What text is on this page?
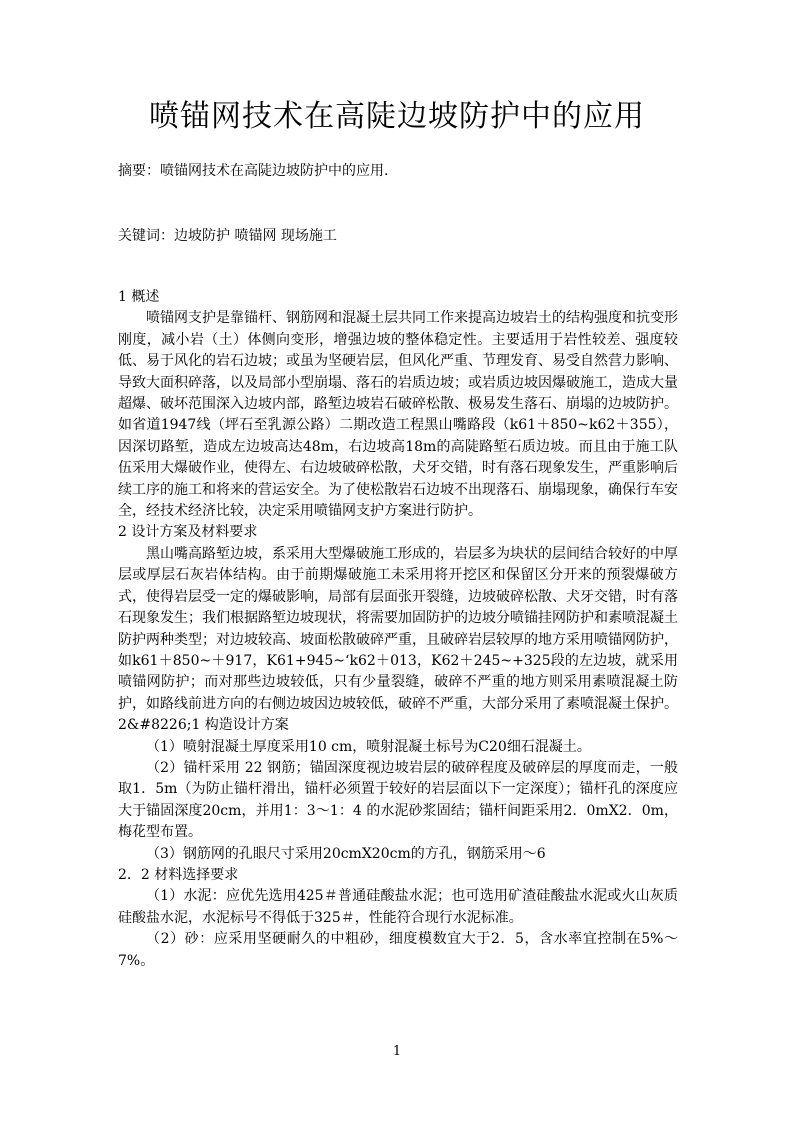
喷锚网技术在高陡边坡防护中的应用
摘要：喷锚网技术在高陡边坡防护中的应用.
关键词：边坡防护 喷锚网 现场施工

1 概述

喷锚网支护是靠锚杆、钢筋网和混凝土层共同工作来提高边坡岩土的结构强度和抗变形刚度，减小岩（土）体侧向变形，增强边坡的整体稳定性。主要适用于岩性较差、强度较低、易于风化的岩石边坡；或虽为坚硬岩层，但风化严重、节理发育、易受自然营力影响、导致大面积碎落，以及局部小型崩塌、落石的岩质边坡；或岩质边坡因爆破施工，造成大量超爆、破坏范围深入边坡内部，路堑边坡岩石破碎松散、极易发生落石、崩塌的边坡防护。如省道1947线（坪石至乳源公路）二期改造工程黑山嘴路段（k61＋850~k62＋355），因深切路堑，造成左边坡高达48m，右边坡高18m的高陡路堑石质边坡。而且由于施工队伍采用大爆破作业，使得左、右边坡破碎松散，犬牙交错，时有落石现象发生，严重影响后续工序的施工和将来的营运安全。为了使松散岩石边坡不出现落石、崩塌现象，确保行车安全，经技术经济比较，决定采用喷锚网支护方案进行防护。

2 设计方案及材料要求

黑山嘴高路堑边坡，系采用大型爆破施工形成的，岩层多为块状的层间结合较好的中厚层或厚层石灰岩体结构。由于前期爆破施工未采用将开挖区和保留区分开来的预裂爆破方式，使得岩层受一定的爆破影响，局部有层面张开裂缝，边坡破碎松散、犬牙交错，时有落石现象发生；我们根据路堑边坡现状，将需要加固防护的边坡分喷锚挂网防护和素喷混凝土防护两种类型；对边坡较高、坡面松散破碎严重，且破碎岩层较厚的地方采用喷锚网防护，如k61＋850~＋917，K61+945~‘k62＋013，K62＋245~+325段的左边坡，就采用喷锚网防护；而对那些边坡较低，只有少量裂缝，破碎不严重的地方则采用素喷混凝土防护，如路线前进方向的右侧边坡因边坡较低，破碎不严重，大部分采用了素喷混凝土保护。

2&#8226;1 构造设计方案

（1）喷射混凝土厚度采用10 cm，喷射混凝土标号为C20细石混凝土。

（2）锚杆采用 22 钢筋；锚固深度视边坡岩层的破碎程度及破碎层的厚度而走，一般取1．5m（为防止锚杆滑出，锚杆必须置于较好的岩层面以下一定深度）；锚杆孔的深度应大于锚固深度20cm，并用1：3～1：4 的水泥砂浆固结；锚杆间距采用2．0mX2．0m，梅花型布置。

（3）钢筋网的孔眼尺寸采用20cmX20cm的方孔，钢筋采用～6

2．2 材料选择要求

（1）水泥：应优先选用425＃普通硅酸盐水泥；也可选用矿渣硅酸盐水泥或火山灰质硅酸盐水泥，水泥标号不得低于325＃，性能符合现行水泥标准。

（2）砂：应采用坚硬耐久的中粗砂，细度模数宜大于2．5，含水率宜控制在5%～7%。

1
